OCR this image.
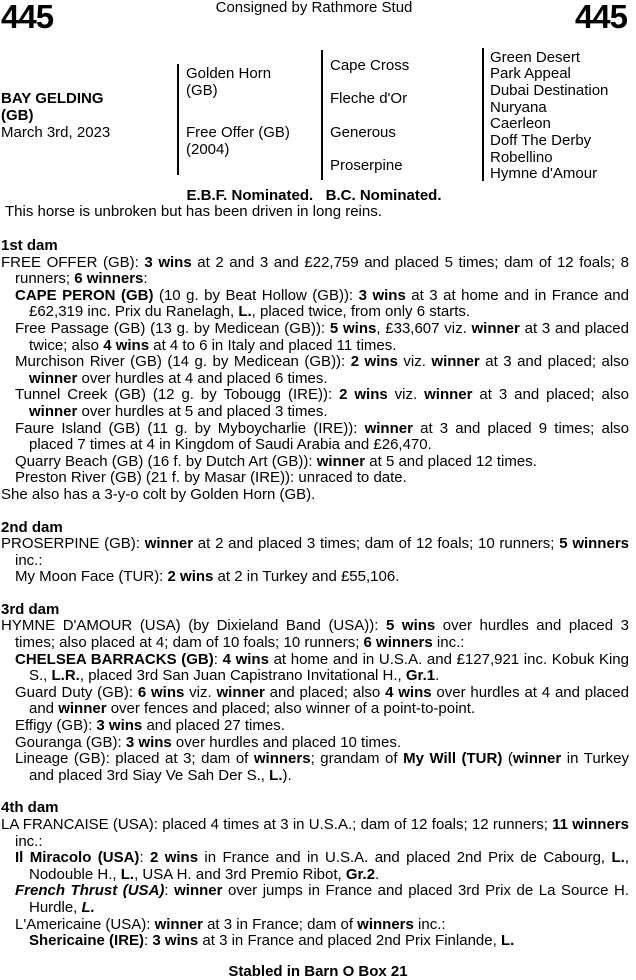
445	445
Consigned by Rathmore Stud
BAY GELDING
(GB)
March 3rd, 2023
Golden Horn
(GB)
Free Offer (GB)
(2004)
Cape Cross
Fleche d'Or
Generous
Proserpine
Green Desert
Park Appeal
Dubai Destination
Nuryana
Caerleon
Doff The Derby
Robellino
Hymne d'Amour
E.B.F. Nominated.   B.C. Nominated.
This horse is unbroken but has been driven in long reins.
1st dam
FREE OFFER (GB): 3 wins at 2 and 3 and £22,759 and placed 5 times; dam of 12 foals; 8 runners; 6 winners:
CAPE PERON (GB) (10 g. by Beat Hollow (GB)): 3 wins at 3 at home and in France and £62,319 inc. Prix du Ranelagh, L., placed twice, from only 6 starts.
Free Passage (GB) (13 g. by Medicean (GB)): 5 wins, £33,607 viz. winner at 3 and placed twice; also 4 wins at 4 to 6 in Italy and placed 11 times.
Murchison River (GB) (14 g. by Medicean (GB)): 2 wins viz. winner at 3 and placed; also winner over hurdles at 4 and placed 6 times.
Tunnel Creek (GB) (12 g. by Tobougg (IRE)): 2 wins viz. winner at 3 and placed; also winner over hurdles at 5 and placed 3 times.
Faure Island (GB) (11 g. by Myboycharlie (IRE)): winner at 3 and placed 9 times; also placed 7 times at 4 in Kingdom of Saudi Arabia and £26,470.
Quarry Beach (GB) (16 f. by Dutch Art (GB)): winner at 5 and placed 12 times.
Preston River (GB) (21 f. by Masar (IRE)): unraced to date.
She also has a 3-y-o colt by Golden Horn (GB).
2nd dam
PROSERPINE (GB): winner at 2 and placed 3 times; dam of 12 foals; 10 runners; 5 winners inc.:
My Moon Face (TUR): 2 wins at 2 in Turkey and £55,106.
3rd dam
HYMNE D'AMOUR (USA) (by Dixieland Band (USA)): 5 wins over hurdles and placed 3 times; also placed at 4; dam of 10 foals; 10 runners; 6 winners inc.:
CHELSEA BARRACKS (GB): 4 wins at home and in U.S.A. and £127,921 inc. Kobuk King S., L.R., placed 3rd San Juan Capistrano Invitational H., Gr.1.
Guard Duty (GB): 6 wins viz. winner and placed; also 4 wins over hurdles at 4 and placed and winner over fences and placed; also winner of a point-to-point.
Effigy (GB): 3 wins and placed 27 times.
Gouranga (GB): 3 wins over hurdles and placed 10 times.
Lineage (GB): placed at 3; dam of winners; grandam of My Will (TUR) (winner in Turkey and placed 3rd Siay Ve Sah Der S., L.).
4th dam
LA FRANCAISE (USA): placed 4 times at 3 in U.S.A.; dam of 12 foals; 12 runners; 11 winners inc.:
Il Miracolo (USA): 2 wins in France and in U.S.A. and placed 2nd Prix de Cabourg, L., Nodouble H., L., USA H. and 3rd Premio Ribot, Gr.2.
French Thrust (USA): winner over jumps in France and placed 3rd Prix de La Source H. Hurdle, L.
L'Americaine (USA): winner at 3 in France; dam of winners inc.:
Shericaine (IRE): 3 wins at 3 in France and placed 2nd Prix Finlande, L.
Stabled in Barn O Box 21
